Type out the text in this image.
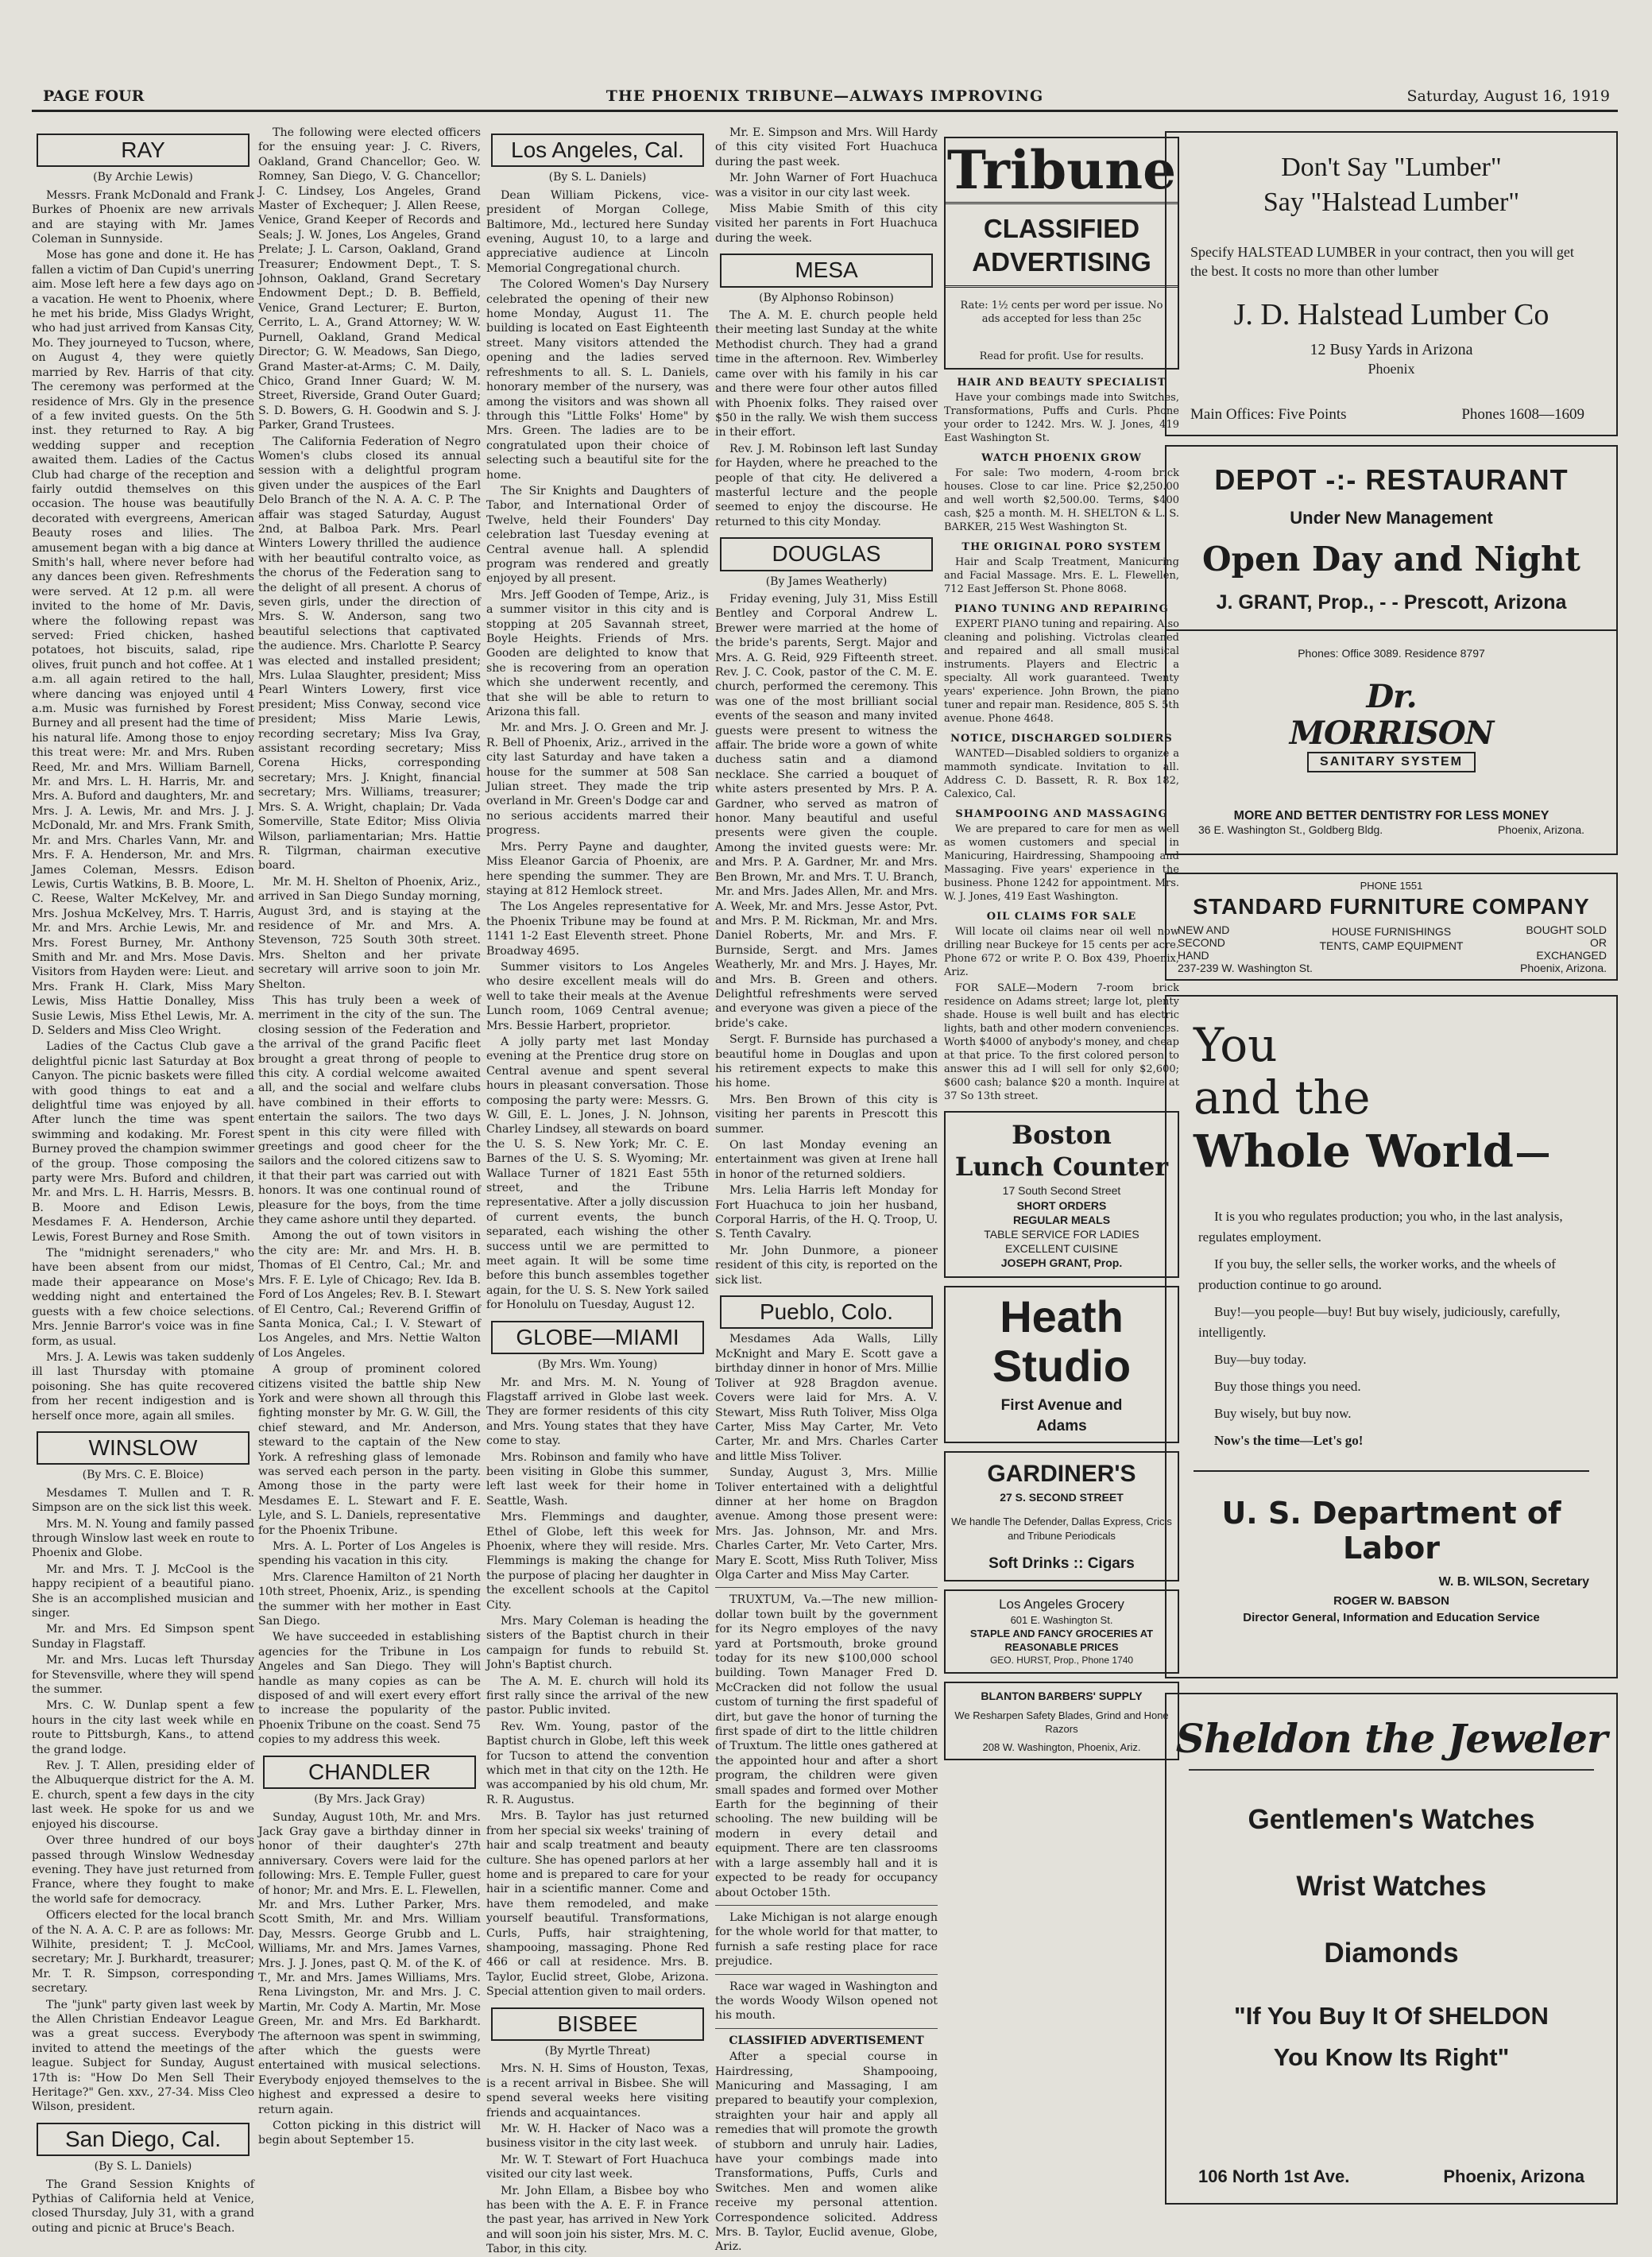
PAGE FOUR	THE PHOENIX TRIBUNE—ALWAYS IMPROVING	Saturday, August 16, 1919
RAY
(By Archie Lewis)

Messrs. Frank McDonald and Frank Burkes of Phoenix are new arrivals and are staying with Mr. James Coleman in Sunnyside.

Mose has gone and done it. He has fallen a victim of Dan Cupid's unerring aim. Mose left here a few days ago on a vacation. He went to Phoenix, where he met his bride, Miss Gladys Wright, who had just arrived from Kansas City, Mo. They journeyed to Tucson, where, on August 4, they were quietly married by Rev. Harris of that city. The ceremony was performed at the residence of Mrs. Gly in the presence of a few invited guests. On the 5th inst. they returned to Ray. A big wedding supper and reception awaited them. Ladies of the Cactus Club had charge of the reception and fairly outdid themselves on this occasion. The house was beautifully decorated with evergreens, American Beauty roses and lilies. The amusement began with a big dance at Smith's hall, where never before had any dances been given. Refreshments were served. At 12 p.m. all were invited to the home of Mr. Davis, where the following repast was served: Fried chicken, hashed potatoes, hot biscuits, salad, ripe olives, fruit punch and hot coffee. At 1 a.m. all again retired to the hall, where dancing was enjoyed until 4 a.m. Music was furnished by Forest Burney and all present had the time of his natural life. Among those to enjoy this treat were: Mr. and Mrs. Ruben Reed, Mr. and Mrs. William Barnell, Mr. and Mrs. L. H. Harris, Mr. and Mrs. A. Buford and daughters, Mr. and Mrs. J. A. Lewis, Mr. and Mrs. J. J. McDonald, Mr. and Mrs. Frank Smith, Mr. and Mrs. Charles Vann, Mr. and Mrs. F. A. Henderson, Mr. and Mrs. James Coleman, Messrs. Edison Lewis, Curtis Watkins, B. B. Moore, L. C. Reese, Walter McKelvey, Mr. and Mrs. Joshua McKelvey, Mrs. T. Harris, Mr. and Mrs. Archie Lewis, Mr. and Mrs. Forest Burney, Mr. Anthony Smith and Mr. and Mrs. Mose Davis. Visitors from Hayden were: Lieut. and Mrs. Frank H. Clark, Miss Mary Lewis, Miss Hattie Donalley, Miss Susie Lewis, Miss Ethel Lewis, Mr. A. D. Selders and Miss Cleo Wright.

Ladies of the Cactus Club gave a delightful picnic last Saturday at Box Canyon. The picnic baskets were filled with good things to eat and a delightful time was enjoyed by all. After lunch the time was spent swimming and kodaking. Mr. Forest Burney proved the champion swimmer of the group. Those composing the party were Mrs. Buford and children, Mr. and Mrs. L. H. Harris, Messrs. B. B. Moore and Edison Lewis, Mesdames F. A. Henderson, Archie Lewis, Forest Burney and Rose Smith.

The "midnight serenaders," who have been absent from our midst, made their appearance on Mose's wedding night and entertained the guests with a few choice selections. Mrs. Jennie Barror's voice was in fine form, as usual.

Mrs. J. A. Lewis was taken suddenly ill last Thursday with ptomaine poisoning. She has quite recovered from her recent indigestion and is herself once more, again all smiles.

WINSLOW
(By Mrs. C. E. Bloice)

Mesdames T. Mullen and T. R. Simpson are on the sick list this week.

Mrs. M. N. Young and family passed through Winslow last week en route to Phoenix and Globe.

Mr. and Mrs. T. J. McCool is the happy recipient of a beautiful piano. She is an accomplished musician and singer.

Mr. and Mrs. Ed Simpson spent Sunday in Flagstaff.

Mr. and Mrs. Lucas left Thursday for Stevensville, where they will spend the summer.

Mrs. C. W. Dunlap spent a few hours in the city last week while en route to Pittsburgh, Kans., to attend the grand lodge.

Rev. J. T. Allen, presiding elder of the Albuquerque district for the A. M. E. church, spent a few days in the city last week. He spoke for us and we enjoyed his discourse.

Over three hundred of our boys passed through Winslow Wednesday evening. They have just returned from France, where they fought to make the world safe for democracy.

Officers elected for the local branch of the N. A. A. C. P. are as follows: Mr. Wilhite, president; T. J. McCool, secretary; Mr. J. Burkhardt, treasurer; Mr. T. R. Simpson, corresponding secretary.

The "junk" party given last week by the Allen Christian Endeavor League was a great success. Everybody invited to attend the meetings of the league. Subject for Sunday, August 17th is: "How Do Men Sell Their Heritage?" Gen. xxv., 27-34. Miss Cleo Wilson, president.

San Diego, Cal.
(By S. L. Daniels)

The Grand Session Knights of Pythias of California held at Venice, closed Thursday, July 31, with a grand outing and picnic at Bruce's Beach.

The following were elected officers for the ensuing year: J. C. Rivers, Oakland, Grand Chancellor; Geo. W. Romney, San Diego, V. G. Chancellor; J. C. Lindsey, Los Angeles, Grand Master of Exchequer; J. Allen Reese, Venice, Grand Keeper of Records and Seals; J. W. Jones, Los Angeles, Grand Prelate; J. L. Carson, Oakland, Grand Treasurer; Endowment Dept., T. S. Johnson, Oakland, Grand Secretary Endowment Dept.; D. B. Beffield, Venice, Grand Lecturer; E. Burton, Cerrito, L. A., Grand Attorney; W. W. Purnell, Oakland, Grand Medical Director; G. W. Meadows, San Diego, Grand Master-at-Arms; C. M. Daily, Chico, Grand Inner Guard; W. M. Street, Riverside, Grand Outer Guard; S. D. Bowers, G. H. Goodwin and S. J. Parker, Grand Trustees.

The California Federation of Negro Women's clubs closed its annual session with a delightful program given under the auspices of the Earl Delo Branch of the N. A. A. C. P. The affair was staged Saturday, August 2nd, at Balboa Park. Mrs. Pearl Winters Lowery thrilled the audience with her beautiful contralto voice, as the chorus of the Federation sang to the delight of all present. A chorus of seven girls, under the direction of Mrs. S. W. Anderson, sang two beautiful selections that captivated the audience. Mrs. Charlotte P. Searcy was elected and installed president; Mrs. Lulaa Slaughter, president; Miss Pearl Winters Lowery, first vice president; Miss Conway, second vice president; Miss Marie Lewis, recording secretary; Miss Iva Gray, assistant recording secretary; Miss Corena Hicks, corresponding secretary; Mrs. J. Knight, financial secretary; Mrs. Williams, treasurer; Mrs. S. A. Wright, chaplain; Dr. Vada Somerville, State Editor; Miss Olivia Wilson, parliamentarian; Mrs. Hattie R. Tilgrman, chairman executive board.

Mr. M. H. Shelton of Phoenix, Ariz., arrived in San Diego Sunday morning, August 3rd, and is staying at the residence of Mr. and Mrs. A. Stevenson, 725 South 30th street. Mrs. Shelton and her private secretary will arrive soon to join Mr. Shelton.

This has truly been a week of merriment in the city of the sun. The closing session of the Federation and the arrival of the grand Pacific fleet brought a great throng of people to this city. A cordial welcome awaited all, and the social and welfare clubs have combined in their efforts to entertain the sailors. The two days spent in this city were filled with greetings and good cheer for the sailors and the colored citizens saw to it that their part was carried out with honors. It was one continual round of pleasure for the boys, from the time they came ashore until they departed.

Among the out of town visitors in the city are: Mr. and Mrs. H. B. Thomas of El Centro, Cal.; Mr. and Mrs. F. E. Lyle of Chicago; Rev. Ida B. Ford of Los Angeles; Rev. B. I. Stewart of El Centro, Cal.; Reverend Griffin of Santa Monica, Cal.; I. V. Stewart of Los Angeles, and Mrs. Nettie Walton of Los Angeles.

A group of prominent colored citizens visited the battle ship New York and were shown all through this fighting monster by Mr. G. W. Gill, the chief steward, and Mr. Anderson, steward to the captain of the New York. A refreshing glass of lemonade was served each person in the party. Among those in the party were Mesdames E. L. Stewart and F. E. Lyle, and S. L. Daniels, representative for the Phoenix Tribune.

Mrs. A. L. Porter of Los Angeles is spending his vacation in this city.

Mrs. Clarence Hamilton of 21 North 10th street, Phoenix, Ariz., is spending the summer with her mother in East San Diego.

We have succeeded in establishing agencies for the Tribune in Los Angeles and San Diego. They will handle as many copies as can be disposed of and will exert every effort to increase the popularity of the Phoenix Tribune on the coast. Send 75 copies to my address this week.

CHANDLER
(By Mrs. Jack Gray)

Sunday, August 10th, Mr. and Mrs. Jack Gray gave a birthday dinner in honor of their daughter's 27th anniversary. Covers were laid for the following: Mrs. E. Temple Fuller, guest of honor; Mr. and Mrs. E. L. Flewellen, Mr. and Mrs. Luther Parker, Mrs. Scott Smith, Mr. and Mrs. William Day, Messrs. George Grubb and L. Williams, Mr. and Mrs. James Varnes, Mrs. J. J. Jones, past Q. M. of the K. of T., Mr. and Mrs. James Williams, Mrs. Rena Livingston, Mr. and Mrs. J. C. Martin, Mr. Cody A. Martin, Mr. Mose Green, Mr. and Mrs. Ed Barkhardt. The afternoon was spent in swimming, after which the guests were entertained with musical selections. Everybody enjoyed themselves to the highest and expressed a desire to return again.

Cotton picking in this district will begin about September 15.

Los Angeles, Cal.
(By S. L. Daniels)

Dean William Pickens, vice-president of Morgan College, Baltimore, Md., lectured here Sunday evening, August 10, to a large and appreciative audience at Lincoln Memorial Congregational church.

The Colored Women's Day Nursery celebrated the opening of their new home Monday, August 11. The building is located on East Eighteenth street. Many visitors attended the opening and the ladies served refreshments to all. S. L. Daniels, honorary member of the nursery, was among the visitors and was shown all through this "Little Folks' Home" by Mrs. Green. The ladies are to be congratulated upon their choice of selecting such a beautiful site for the home.

The Sir Knights and Daughters of Tabor, and International Order of Twelve, held their Founders' Day celebration last Tuesday evening at Central avenue hall. A splendid program was rendered and greatly enjoyed by all present.

Mrs. Jeff Gooden of Tempe, Ariz., is a summer visitor in this city and is stopping at 205 Savannah street, Boyle Heights. Friends of Mrs. Gooden are delighted to know that she is recovering from an operation which she underwent recently, and that she will be able to return to Arizona this fall.

Mr. and Mrs. J. O. Green and Mr. J. R. Bell of Phoenix, Ariz., arrived in the city last Saturday and have taken a house for the summer at 508 San Julian street. They made the trip overland in Mr. Green's Dodge car and no serious accidents marred their progress.

Mrs. Perry Payne and daughter, Miss Eleanor Garcia of Phoenix, are here spending the summer. They are staying at 812 Hemlock street.

The Los Angeles representative for the Phoenix Tribune may be found at 1141 1-2 East Eleventh street. Phone Broadway 4695.

Summer visitors to Los Angeles who desire excellent meals will do well to take their meals at the Avenue Lunch room, 1069 Central avenue; Mrs. Bessie Harbert, proprietor.

A jolly party met last Monday evening at the Prentice drug store on Central avenue and spent several hours in pleasant conversation. Those composing the party were: Messrs. G. W. Gill, E. L. Jones, J. N. Johnson, Charley Lindsey, all stewards on board the U. S. S. New York; Mr. C. E. Barnes of the U. S. S. Wyoming; Mr. Wallace Turner of 1821 East 55th street, and the Tribune representative. After a jolly discussion of current events, the bunch separated, each wishing the other success until we are permitted to meet again. It will be some time before this bunch assembles together again, for the U. S. S. New York sailed for Honolulu on Tuesday, August 12.

GLOBE—MIAMI
(By Mrs. Wm. Young)

Mr. and Mrs. M. N. Young of Flagstaff arrived in Globe last week. They are former residents of this city and Mrs. Young states that they have come to stay.

Mrs. Robinson and family who have been visiting in Globe this summer, left last week for their home in Seattle, Wash.

Mrs. Flemmings and daughter, Ethel of Globe, left this week for Phoenix, where they will reside. Mrs. Flemmings is making the change for the purpose of placing her daughter in the excellent schools at the Capitol City.

Mrs. Mary Coleman is heading the sisters of the Baptist church in their campaign for funds to rebuild St. John's Baptist church.

The A. M. E. church will hold its first rally since the arrival of the new pastor. Public invited.

Rev. Wm. Young, pastor of the Baptist church in Globe, left this week for Tucson to attend the convention which met in that city on the 12th. He was accompanied by his old chum, Mr. R. R. Augustus.

Mrs. B. Taylor has just returned from her special six weeks' training of hair and scalp treatment and beauty culture. She has opened parlors at her home and is prepared to care for your hair in a scientific manner. Come and have them remodeled, and make yourself beautiful. Transformations, Curls, Puffs, hair straightening, shampooing, massaging. Phone Red 466 or call at residence. Mrs. B. Taylor, Euclid street, Globe, Arizona. Special attention given to mail orders.

BISBEE
(By Myrtle Threat)

Mrs. N. H. Sims of Houston, Texas, is a recent arrival in Bisbee. She will spend several weeks here visiting friends and acquaintances.

Mr. W. H. Hacker of Naco was a business visitor in the city last week.

Mr. W. T. Stewart of Fort Huachuca visited our city last week.

Mr. John Ellam, a Bisbee boy who has been with the A. E. F. in France the past year, has arrived in New York and will soon join his sister, Mrs. M. C. Tabor, in this city.

Mr. E. Simpson and Mrs. Will Hardy of this city visited Fort Huachuca during the past week.

Mr. John Warner of Fort Huachuca was a visitor in our city last week.

Miss Mabie Smith of this city visited her parents in Fort Huachuca during the week.

MESA
(By Alphonso Robinson)

The A. M. E. church people held their meeting last Sunday at the white Methodist church. They had a grand time in the afternoon. Rev. Wimberley came over with his family in his car and there were four other autos filled with Phoenix folks. They raised over $50 in the rally. We wish them success in their effort.

Rev. J. M. Robinson left last Sunday for Hayden, where he preached to the people of that city. He delivered a masterful lecture and the people seemed to enjoy the discourse. He returned to this city Monday.

DOUGLAS
(By James Weatherly)

Friday evening, July 31, Miss Estill Bentley and Corporal Andrew L. Brewer were married at the home of the bride's parents, Sergt. Major and Mrs. A. G. Reid, 929 Fifteenth street. Rev. J. C. Cook, pastor of the C. M. E. church, performed the ceremony. This was one of the most brilliant social events of the season and many invited guests were present to witness the affair. The bride wore a gown of white duchess satin and a diamond necklace. She carried a bouquet of white asters presented by Mrs. P. A. Gardner, who served as matron of honor. Many beautiful and useful presents were given the couple. Among the invited guests were: Mr. and Mrs. P. A. Gardner, Mr. and Mrs. Ben Brown, Mr. and Mrs. T. U. Branch, Mr. and Mrs. Jades Allen, Mr. and Mrs. A. Week, Mr. and Mrs. Jesse Astor, Pvt. and Mrs. P. M. Rickman, Mr. and Mrs. Daniel Roberts, Mr. and Mrs. F. Burnside, Sergt. and Mrs. James Weatherly, Mr. and Mrs. J. Hayes, Mr. and Mrs. B. Green and others. Delightful refreshments were served and everyone was given a piece of the bride's cake.

Sergt. F. Burnside has purchased a beautiful home in Douglas and upon his retirement expects to make this his home.

Mrs. Ben Brown of this city is visiting her parents in Prescott this summer.

On last Monday evening an entertainment was given at Irene hall in honor of the returned soldiers.

Mrs. Lelia Harris left Monday for Fort Huachuca to join her husband, Corporal Harris, of the H. Q. Troop, U. S. Tenth Cavalry.

Mr. John Dunmore, a pioneer resident of this city, is reported on the sick list.

Pueblo, Colo.

Mesdames Ada Walls, Lilly McKnight and Mary E. Scott gave a birthday dinner in honor of Mrs. Millie Toliver at 928 Bragdon avenue. Covers were laid for Mrs. A. V. Stewart, Miss Ruth Toliver, Miss Olga Carter, Miss May Carter, Mr. Veto Carter, Mr. and Mrs. Charles Carter and little Miss Toliver.

Sunday, August 3, Mrs. Millie Toliver entertained with a delightful dinner at her home on Bragdon avenue. Among those present were: Mrs. Jas. Johnson, Mr. and Mrs. Charles Carter, Mr. Veto Carter, Mrs. Mary E. Scott, Miss Ruth Toliver, Miss Olga Carter and Miss May Carter.

TRUXTUM, Va.—The new million-dollar town built by the government for its Negro employes of the navy yard at Portsmouth, broke ground today for its new $100,000 school building. Town Manager Fred D. McCracken did not follow the usual custom of turning the first spadeful of dirt, but gave the honor of turning the first spade of dirt to the little children of Truxtum. The little ones gathered at the appointed hour and after a short program, the children were given small spades and formed over Mother Earth for the beginning of their schooling. The new building will be modern in every detail and equipment. There are ten classrooms with a large assembly hall and it is expected to be ready for occupancy about October 15th.

Lake Michigan is not alarge enough for the whole world for that matter, to furnish a safe resting place for race prejudice.

Race war waged in Washington and the words Woody Wilson opened not his mouth.

CLASSIFIED ADVERTISEMENT

After a special course in Hairdressing, Shampooing, Manicuring and Massaging, I am prepared to beautify your complexion, straighten your hair and apply all remedies that will promote the growth of stubborn and unruly hair. Ladies, have your combings made into Transformations, Puffs, Curls and Switches. Men and women alike receive my personal attention. Correspondence solicited. Address Mrs. B. Taylor, Euclid avenue, Globe, Ariz.

Tribune
CLASSIFIED
ADVERTISING
Rate: 1½ cents per word per issue. No ads accepted for less than 25c
Read for profit. Use for results.
HAIR AND BEAUTY SPECIALIST

Have your combings made into Switches, Transformations, Puffs and Curls. Phone your order to 1242. Mrs. W. J. Jones, 419 East Washington St.

WATCH PHOENIX GROW

For sale: Two modern, 4-room brick houses. Close to car line. Price $2,250.00 and well worth $2,500.00. Terms, $400 cash, $25 a month. M. H. SHELTON & L. S. BARKER, 215 West Washington St.

THE ORIGINAL PORO SYSTEM

Hair and Scalp Treatment, Manicuring and Facial Massage. Mrs. E. L. Flewellen, 712 East Jefferson St. Phone 8068.

PIANO TUNING AND REPAIRING

EXPERT PIANO tuning and repairing. Also cleaning and polishing. Victrolas cleaned and repaired and all small musical instruments. Players and Electric a specialty. All work guaranteed. Twenty years' experience. John Brown, the piano tuner and repair man. Residence, 805 S. 5th avenue. Phone 4648.

NOTICE, DISCHARGED SOLDIERS

WANTED—Disabled soldiers to organize a mammoth syndicate. Invitation to all. Address C. D. Bassett, R. R. Box 182, Calexico, Cal.

SHAMPOOING AND MASSAGING

We are prepared to care for men as well as women customers and special in Manicuring, Hairdressing, Shampooing and Massaging. Five years' experience in the business. Phone 1242 for appointment. Mrs. W. J. Jones, 419 East Washington.

OIL CLAIMS FOR SALE

Will locate oil claims near oil well now drilling near Buckeye for 15 cents per acre. Phone 672 or write P. O. Box 439, Phoenix, Ariz.

FOR SALE—Modern 7-room brick residence on Adams street; large lot, plenty shade. House is well built and has electric lights, bath and other modern conveniences. Worth $4000 of anybody's money, and cheap at that price. To the first colored person to answer this ad I will sell for only $2,600; $600 cash; balance $20 a month. Inquire at 37 So 13th street.

Boston
Lunch Counter
17 South Second Street
SHORT ORDERS
REGULAR MEALS
TABLE SERVICE FOR LADIES
EXCELLENT CUISINE
JOSEPH GRANT, Prop.
Heath
Studio
First Avenue and
Adams
GARDINER'S
27 S. SECOND STREET
We handle The Defender, Dallas Express, Cricis and Tribune Periodicals
Soft Drinks :: Cigars
Los Angeles Grocery
601 E. Washington St.
STAPLE AND FANCY GROCERIES AT REASONABLE PRICES
GEO. HURST, Prop., Phone 1740
BLANTON BARBERS' SUPPLY
We Resharpen Safety Blades, Grind and Hone Razors
208 W. Washington, Phoenix, Ariz.
Don't Say "Lumber"
Say "Halstead Lumber"
Specify HALSTEAD LUMBER in your contract, then you will get the best. It costs no more than other lumber
J. D. Halstead Lumber Co
12 Busy Yards in Arizona
Phoenix
Main Offices: Five Points	Phones 1608—1609
DEPOT -:- RESTAURANT
Under New Management
Open Day and Night
J. GRANT, Prop., - - Prescott, Arizona
Phones: Office 3089. Residence 8797
Dr. MORRISON
SANITARY SYSTEM
MORE AND BETTER DENTISTRY FOR LESS MONEY
36 E. Washington St., Goldberg Bldg.	Phoenix, Arizona.
PHONE 1551
STANDARD FURNITURE COMPANY
NEW AND SECOND HAND
HOUSE FURNISHINGS
TENTS, CAMP EQUIPMENT
BOUGHT SOLD OR EXCHANGED
237-239 W. Washington St.	Phoenix, Arizona.
You
and the
Whole World

It is you who regulates production; you who, in the last analysis, regulates employment.

If you buy, the seller sells, the worker works, and the wheels of production continue to go around.

Buy!—you people—buy! But buy wisely, judiciously, carefully, intelligently.

Buy—buy today.

Buy those things you need.

Buy wisely, but buy now.

Now's the time—Let's go!

U. S. Department of Labor
W. B. WILSON, Secretary
ROGER W. BABSON
Director General, Information and Education Service
Sheldon the Jeweler
Gentlemen's Watches
Wrist Watches
Diamonds
"If You Buy It Of SHELDON
You Know Its Right"
106 North 1st Ave.	Phoenix, Arizona
